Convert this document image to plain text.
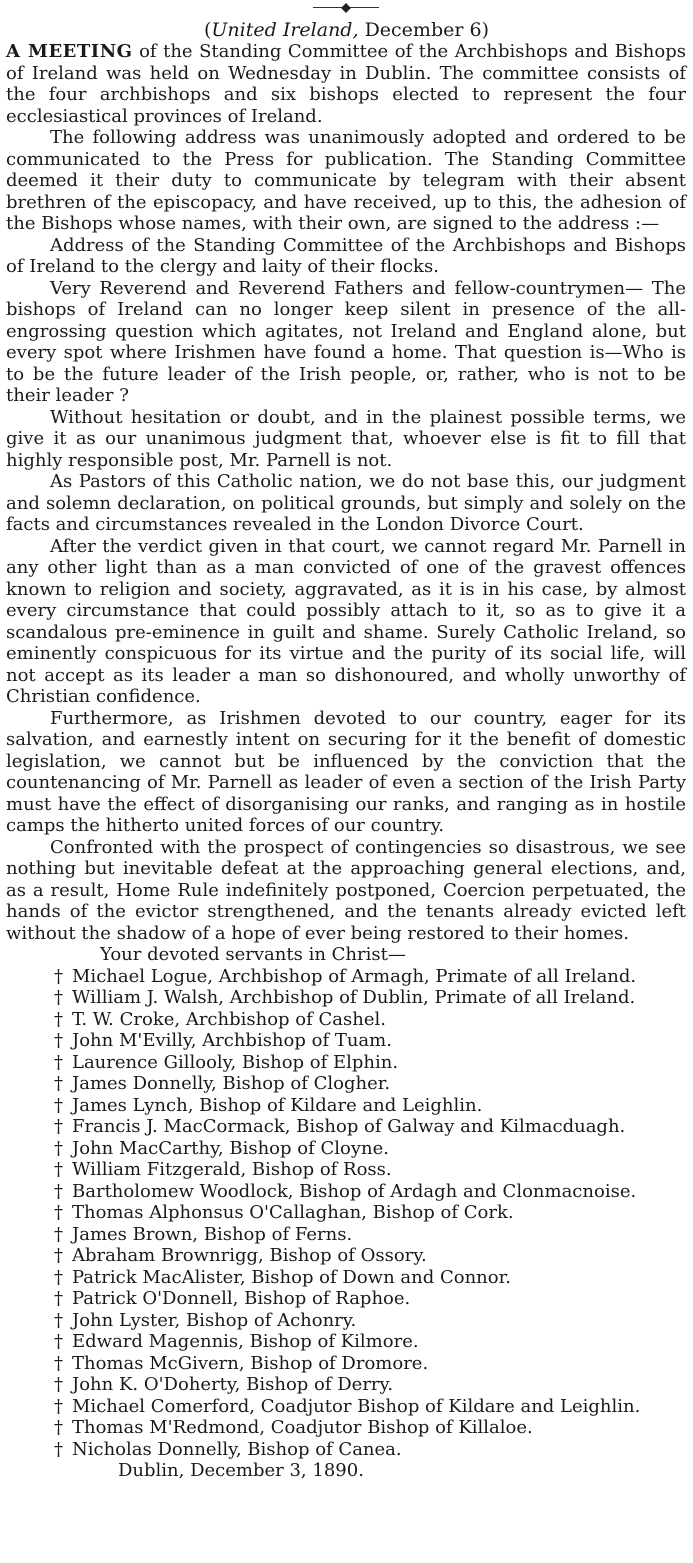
(United Ireland, December 6)

A MEETING of the Standing Committee of the Archbishops and Bishops of Ireland was held on Wednesday in Dublin. The committee consists of the four archbishops and six bishops elected to represent the four ecclesiastical provinces of Ireland.

The following address was unanimously adopted and ordered to be communicated to the Press for publication. The Standing Committee deemed it their duty to communicate by telegram with their absent brethren of the episcopacy, and have received, up to this, the adhesion of the Bishops whose names, with their own, are signed to the address :—

Address of the Standing Committee of the Archbishops and Bishops of Ireland to the clergy and laity of their flocks.

Very Reverend and Reverend Fathers and fellow-countrymen— The bishops of Ireland can no longer keep silent in presence of the all-engrossing question which agitates, not Ireland and England alone, but every spot where Irishmen have found a home. That question is—Who is to be the future leader of the Irish people, or, rather, who is not to be their leader ?

Without hesitation or doubt, and in the plainest possible terms, we give it as our unanimous judgment that, whoever else is fit to fill that highly responsible post, Mr. Parnell is not.

As Pastors of this Catholic nation, we do not base this, our judgment and solemn declaration, on political grounds, but simply and solely on the facts and circumstances revealed in the London Divorce Court.

After the verdict given in that court, we cannot regard Mr. Parnell in any other light than as a man convicted of one of the gravest offences known to religion and society, aggravated, as it is in his case, by almost every circumstance that could possibly attach to it, so as to give it a scandalous pre-eminence in guilt and shame. Surely Catholic Ireland, so eminently conspicuous for its virtue and the purity of its social life, will not accept as its leader a man so dishonoured, and wholly unworthy of Christian confidence.

Furthermore, as Irishmen devoted to our country, eager for its salvation, and earnestly intent on securing for it the benefit of domestic legislation, we cannot but be influenced by the conviction that the countenancing of Mr. Parnell as leader of even a section of the Irish Party must have the effect of disorganising our ranks, and ranging as in hostile camps the hitherto united forces of our country.

Confronted with the prospect of contingencies so disastrous, we see nothing but inevitable defeat at the approaching general elections, and, as a result, Home Rule indefinitely postponed, Coercion perpetuated, the hands of the evictor strengthened, and the tenants already evicted left without the shadow of a hope of ever being restored to their homes.

Your devoted servants in Christ—

† Michael Logue, Archbishop of Armagh, Primate of all Ireland.
† William J. Walsh, Archbishop of Dublin, Primate of all Ireland.
† T. W. Croke, Archbishop of Cashel.
† John M'Evilly, Archbishop of Tuam.
† Laurence Gillooly, Bishop of Elphin.
† James Donnelly, Bishop of Clogher.
† James Lynch, Bishop of Kildare and Leighlin.
† Francis J. MacCormack, Bishop of Galway and Kilmacduagh.
† John MacCarthy, Bishop of Cloyne.
† William Fitzgerald, Bishop of Ross.
† Bartholomew Woodlock, Bishop of Ardagh and Clonmacnoise.
† Thomas Alphonsus O'Callaghan, Bishop of Cork.
† James Brown, Bishop of Ferns.
† Abraham Brownrigg, Bishop of Ossory.
† Patrick MacAlister, Bishop of Down and Connor.
† Patrick O'Donnell, Bishop of Raphoe.
† John Lyster, Bishop of Achonry.
† Edward Magennis, Bishop of Kilmore.
† Thomas McGivern, Bishop of Dromore.
† John K. O'Doherty, Bishop of Derry.
† Michael Comerford, Coadjutor Bishop of Kildare and Leighlin.
† Thomas M'Redmond, Coadjutor Bishop of Killaloe.
† Nicholas Donnelly, Bishop of Canea.

Dublin, December 3, 1890.
